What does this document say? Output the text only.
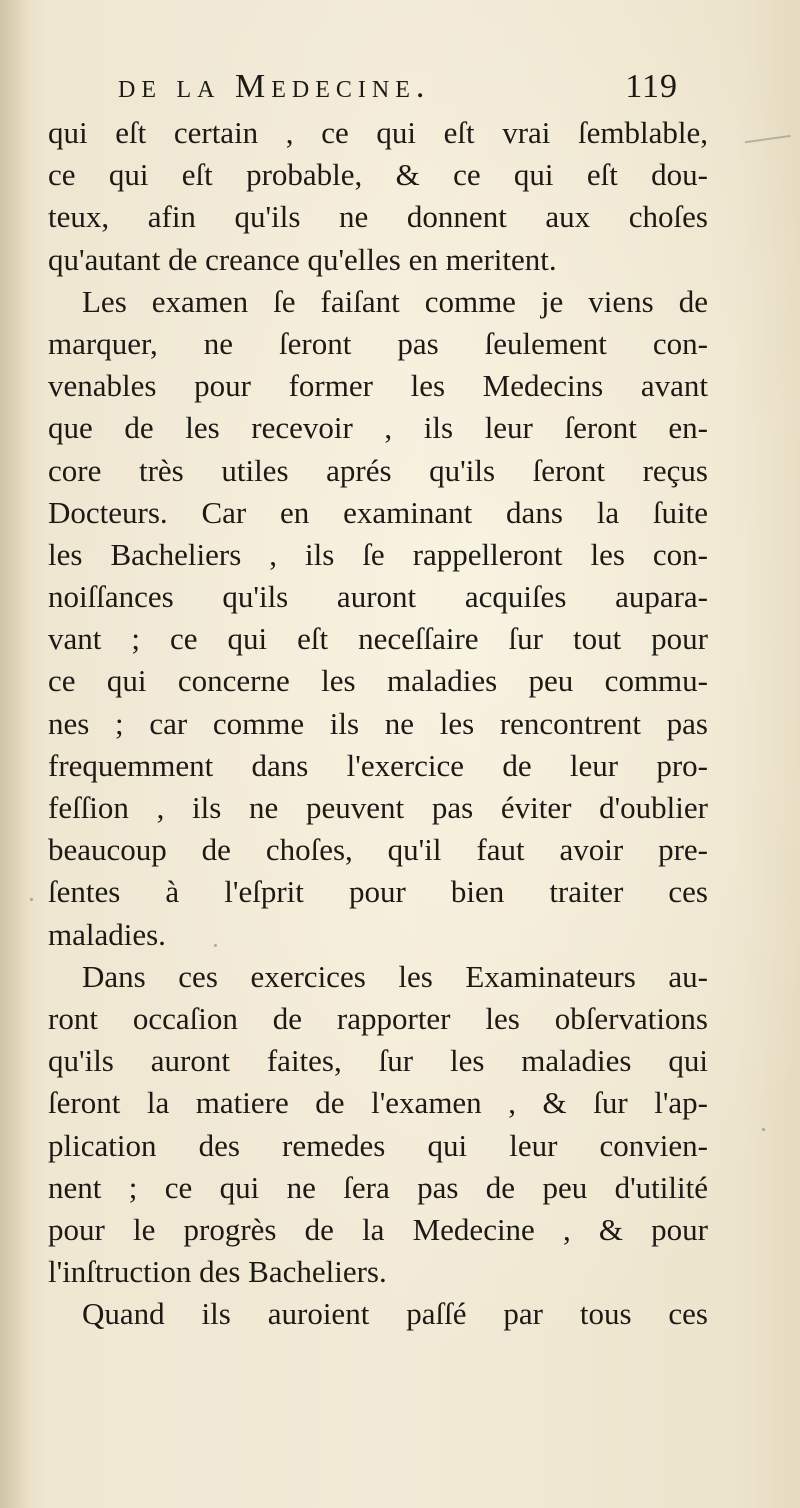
de la Medecine.	119
qui eſt certain , ce qui eſt vrai ſemblable,
ce qui eſt probable, & ce qui eſt dou-
teux, afin qu'ils ne donnent aux choſes
qu'autant de creance qu'elles en meritent.
Les examen ſe faiſant comme je viens de
marquer, ne ſeront pas ſeulement con-
venables pour former les Medecins avant
que de les recevoir , ils leur ſeront en-
core très utiles aprés qu'ils ſeront reçus
Docteurs. Car en examinant dans la ſuite
les Bacheliers , ils ſe rappelleront les con-
noiſſances qu'ils auront acquiſes aupara-
vant ; ce qui eſt neceſſaire ſur tout pour
ce qui concerne les maladies peu commu-
nes ; car comme ils ne les rencontrent pas
frequemment dans l'exercice de leur pro-
feſſion , ils ne peuvent pas éviter d'oublier
beaucoup de choſes, qu'il faut avoir pre-
ſentes à l'eſprit pour bien traiter ces
maladies.
Dans ces exercices les Examinateurs au-
ront occaſion de rapporter les obſervations
qu'ils auront faites, ſur les maladies qui
ſeront la matiere de l'examen , & ſur l'ap-
plication des remedes qui leur convien-
nent ; ce qui ne ſera pas de peu d'utilité
pour le progrès de la Medecine , & pour
l'inſtruction des Bacheliers.
Quand ils auroient paſſé par tous ces
